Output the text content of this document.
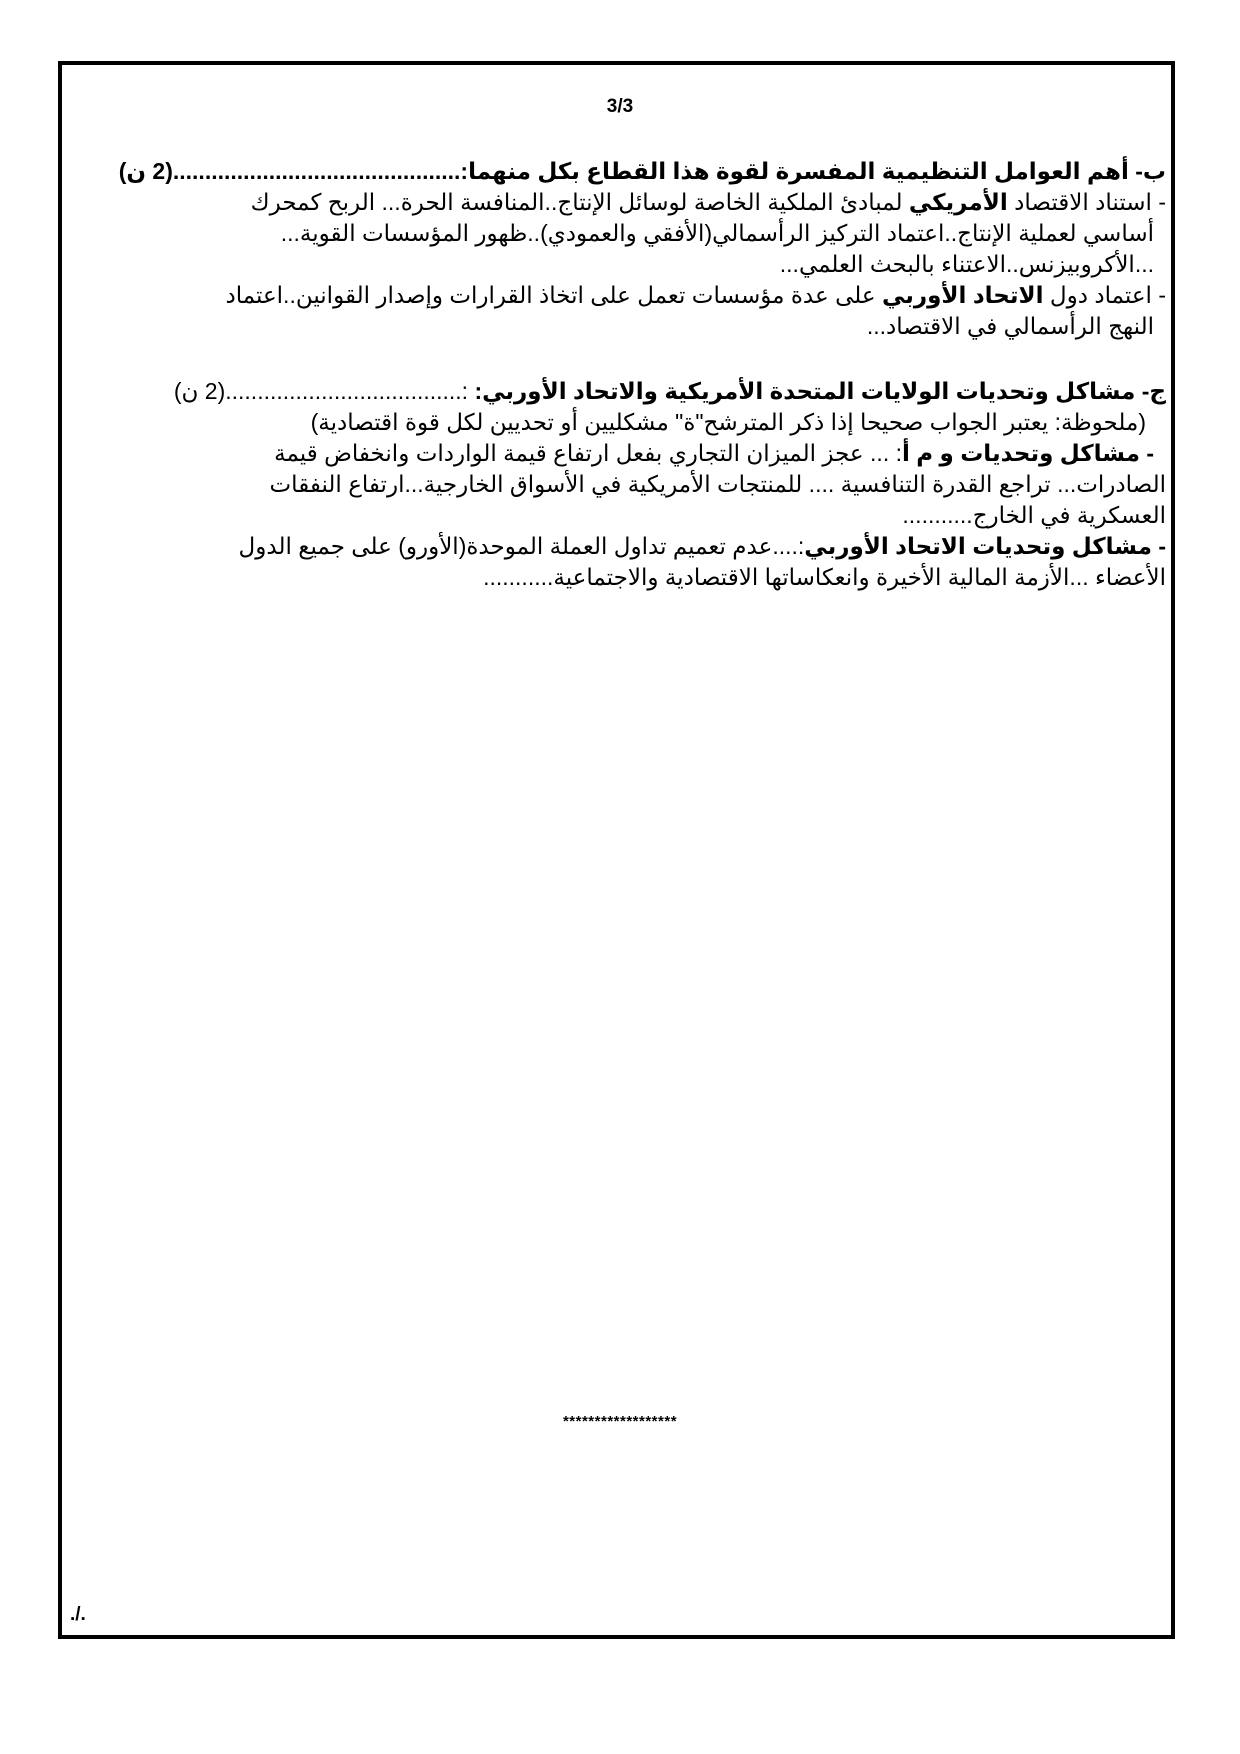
3/3

ب- أهم العوامل التنظيمية المفسرة لقوة هذا القطاع بكل منهما:.............................................(2 ن)

- استناد الاقتصاد الأمريكي لمبادئ الملكية الخاصة لوسائل الإنتاج..المنافسة الحرة... الربح كمحرك

أساسي لعملية الإنتاج..اعتماد التركيز الرأسمالي(الأفقي والعمودي)..ظهور المؤسسات القوية...

...الأكروبيزنس..الاعتناء بالبحث العلمي...

- اعتماد دول الاتحاد الأوربي على عدة مؤسسات تعمل على اتخاذ القرارات وإصدار القوانين..اعتماد

النهج الرأسمالي في الاقتصاد...

ج- مشاكل وتحديات الولايات المتحدة الأمريكية والاتحاد الأوربي: :.....................................(2 ن)

(ملحوظة: يعتبر الجواب صحيحا إذا ذكر المترشح"ة" مشكليين أو تحديين لكل قوة اقتصادية)

- مشاكل وتحديات و م أ: ... عجز الميزان التجاري بفعل ارتفاع قيمة الواردات وانخفاض قيمة

الصادرات... تراجع القدرة التنافسية .... للمنتجات الأمريكية في الأسواق الخارجية...ارتفاع النفقات

العسكرية في الخارج...........

- مشاكل وتحديات الاتحاد الأوربي:....عدم تعميم تداول العملة الموحدة(الأورو) على جميع الدول

الأعضاء ...الأزمة المالية الأخيرة وانعكاساتها الاقتصادية والاجتماعية...........

******************
./.
